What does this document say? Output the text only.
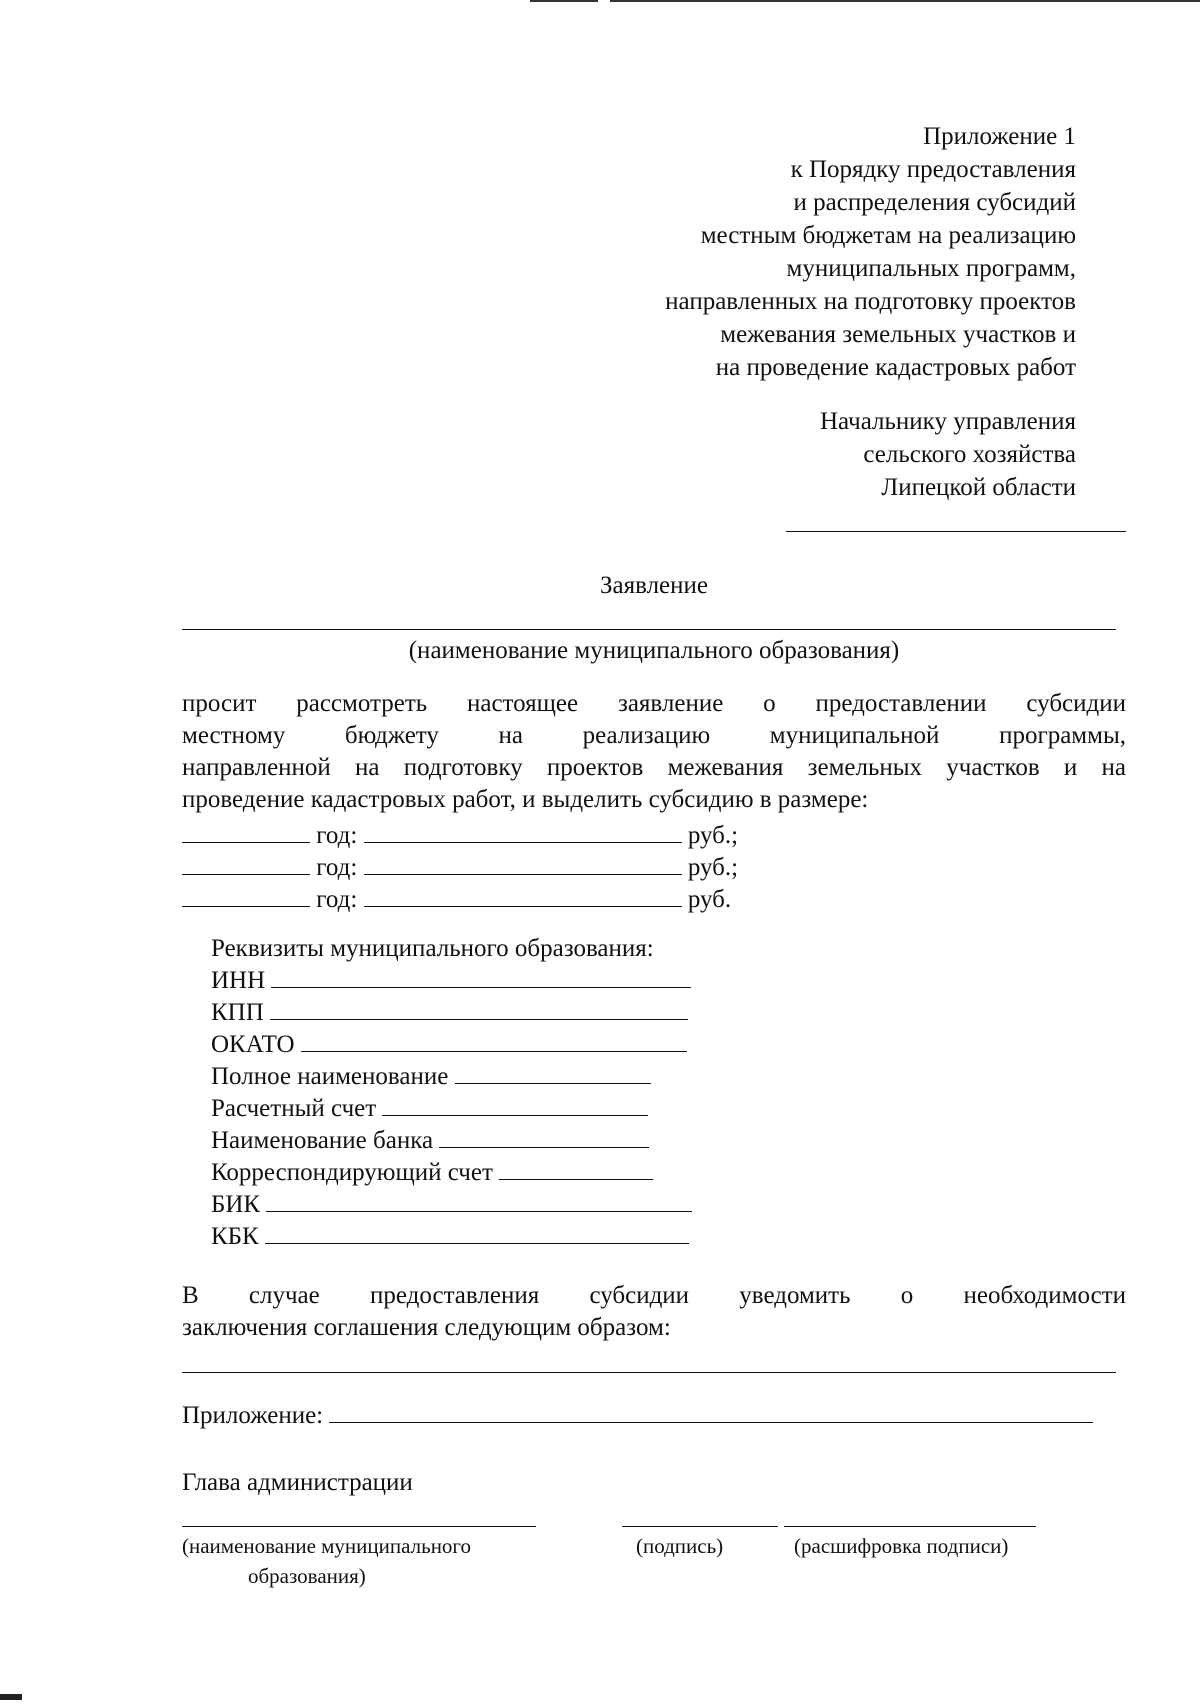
Приложение 1
к Порядку предоставления
и распределения субсидий
местным бюджетам на реализацию
муниципальных программ,
направленных на подготовку проектов
межевания земельных участков и
на проведение кадастровых работ
Начальнику управления
сельского хозяйства
Липецкой области
Заявление
(наименование муниципального образования)
просит рассмотреть настоящее заявление о предоставлении субсидии
местному бюджету на реализацию муниципальной программы,
направленной на подготовку проектов межевания земельных участков и на
проведение кадастровых работ, и выделить субсидию в размере:
год:	руб.;
год:	руб.;
год:	руб.
Реквизиты муниципального образования:
ИНН
КПП
ОКАТО
Полное наименование
Расчетный счет
Наименование банка
Корреспондирующий счет
БИК
КБК
В случае предоставления субсидии уведомить о необходимости
заключения соглашения следующим образом:
Приложение:
Глава администрации
(наименование муниципального
образования)
(подпись)	(расшифровка подписи)
